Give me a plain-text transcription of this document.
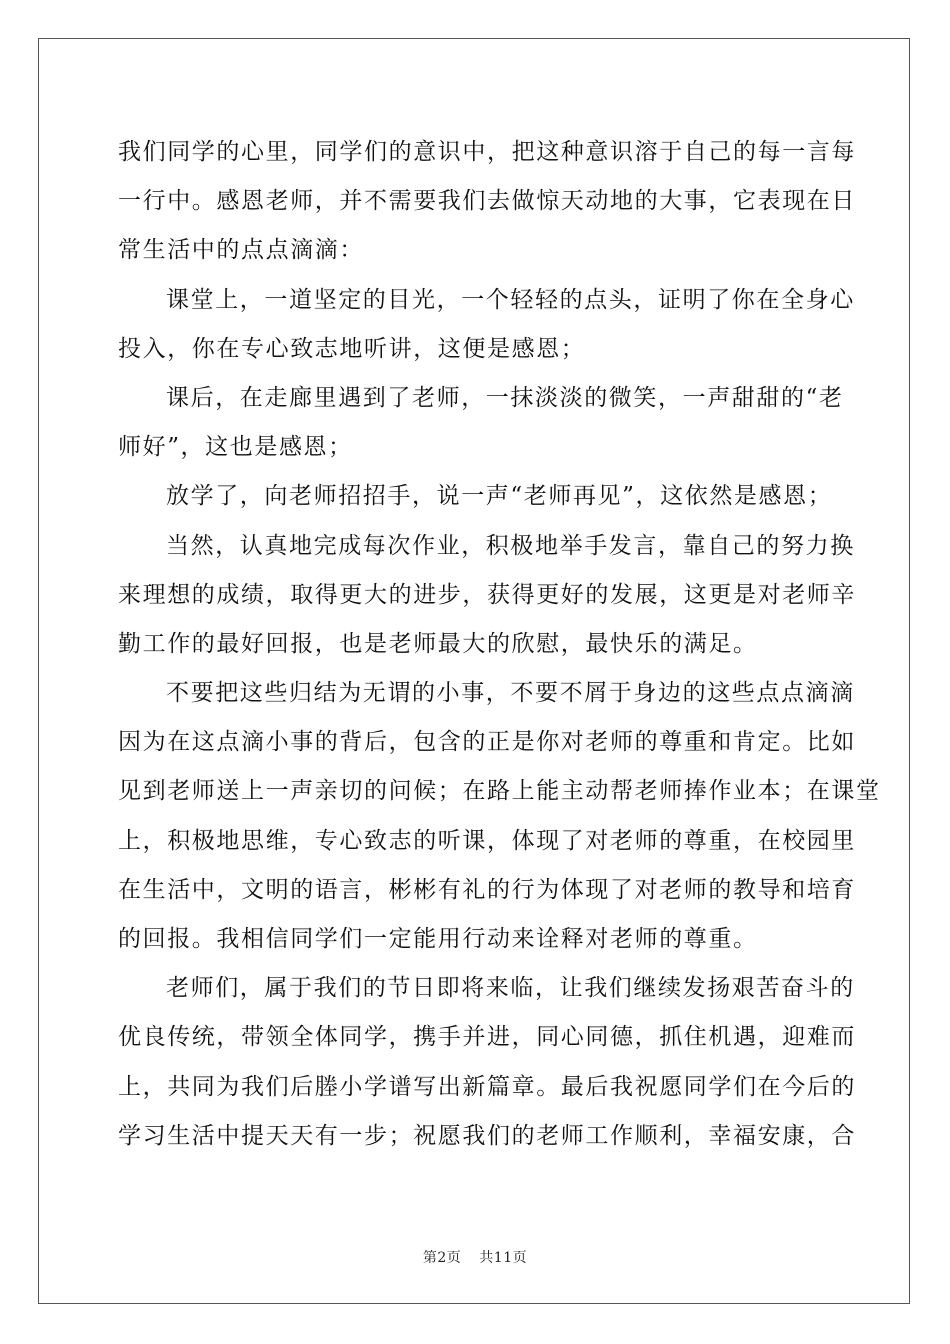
我们同学的心里，同学们的意识中，把这种意识溶于自己的每一言每
一行中。感恩老师，并不需要我们去做惊天动地的大事，它表现在日
常生活中的点点滴滴：
课堂上，一道坚定的目光，一个轻轻的点头，证明了你在全身心
投入，你在专心致志地听讲，这便是感恩；
课后，在走廊里遇到了老师，一抹淡淡的微笑，一声甜甜的“老
师好”，这也是感恩；
放学了，向老师招招手，说一声“老师再见”，这依然是感恩；
当然，认真地完成每次作业，积极地举手发言，靠自己的努力换
来理想的成绩，取得更大的进步，获得更好的发展，这更是对老师辛
勤工作的最好回报，也是老师最大的欣慰，最快乐的满足。
不要把这些归结为无谓的小事，不要不屑于身边的这些点点滴滴
因为在这点滴小事的背后，包含的正是你对老师的尊重和肯定。比如
见到老师送上一声亲切的问候；在路上能主动帮老师捧作业本；在课堂
上，积极地思维，专心致志的听课，体现了对老师的尊重，在校园里
在生活中，文明的语言，彬彬有礼的行为体现了对老师的教导和培育
的回报。我相信同学们一定能用行动来诠释对老师的尊重。
老师们，属于我们的节日即将来临，让我们继续发扬艰苦奋斗的
优良传统，带领全体同学，携手并进，同心同德，抓住机遇，迎难而
上，共同为我们后塍小学谱写出新篇章。最后我祝愿同学们在今后的
学习生活中提天天有一步；祝愿我们的老师工作顺利，幸福安康，合
第2页 共11页
